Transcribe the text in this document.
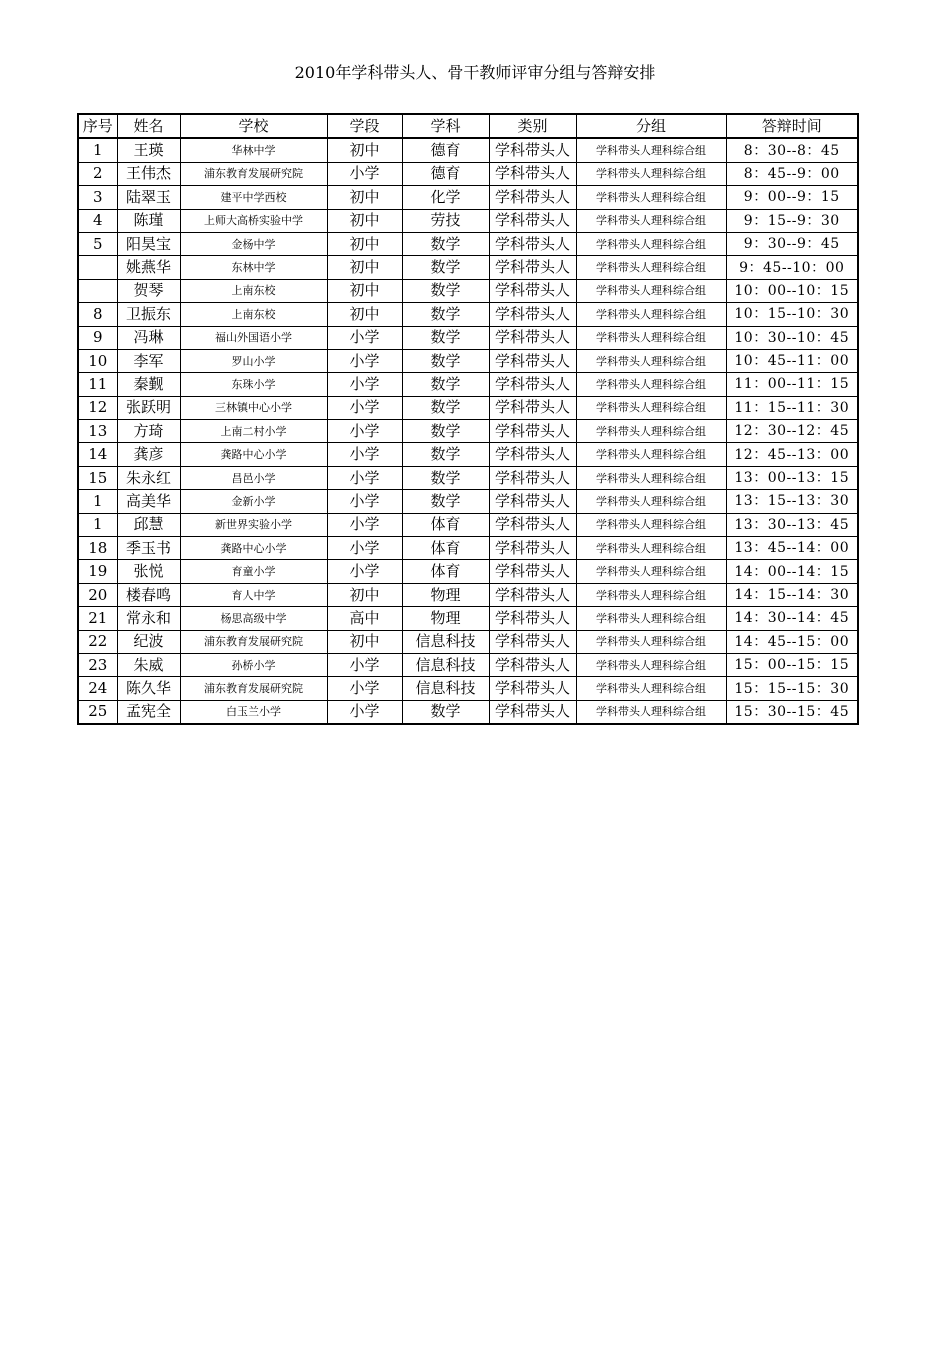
2010年学科带头人、骨干教师评审分组与答辩安排
序号	姓名	学校	学段	学科	类别	分组	答辩时间
1	王瑛	华林中学	初中	德育	学科带头人	学科带头人理科综合组	8：30--8：45
2	王伟杰	浦东教育发展研究院	小学	德育	学科带头人	学科带头人理科综合组	8：45--9：00
3	陆翠玉	建平中学西校	初中	化学	学科带头人	学科带头人理科综合组	9：00--9：15
4	陈瑾	上师大高桥实验中学	初中	劳技	学科带头人	学科带头人理科综合组	9：15--9：30
5	阳昊宝	金杨中学	初中	数学	学科带头人	学科带头人理科综合组	9：30--9：45
	姚燕华	东林中学	初中	数学	学科带头人	学科带头人理科综合组	9：45--10：00
	贺琴	上南东校	初中	数学	学科带头人	学科带头人理科综合组	10：00--10：15
8	卫振东	上南东校	初中	数学	学科带头人	学科带头人理科综合组	10：15--10：30
9	冯琳	福山外国语小学	小学	数学	学科带头人	学科带头人理科综合组	10：30--10：45
10	李军	罗山小学	小学	数学	学科带头人	学科带头人理科综合组	10：45--11：00
11	秦觐	东珠小学	小学	数学	学科带头人	学科带头人理科综合组	11：00--11：15
12	张跃明	三林镇中心小学	小学	数学	学科带头人	学科带头人理科综合组	11：15--11：30
13	方琦	上南二村小学	小学	数学	学科带头人	学科带头人理科综合组	12：30--12：45
14	龚彦	龚路中心小学	小学	数学	学科带头人	学科带头人理科综合组	12：45--13：00
15	朱永红	昌邑小学	小学	数学	学科带头人	学科带头人理科综合组	13：00--13：15
1	高美华	金新小学	小学	数学	学科带头人	学科带头人理科综合组	13：15--13：30
1	邱慧	新世界实验小学	小学	体育	学科带头人	学科带头人理科综合组	13：30--13：45
18	季玉书	龚路中心小学	小学	体育	学科带头人	学科带头人理科综合组	13：45--14：00
19	张悦	育童小学	小学	体育	学科带头人	学科带头人理科综合组	14：00--14：15
20	楼春鸣	育人中学	初中	物理	学科带头人	学科带头人理科综合组	14：15--14：30
21	常永和	杨思高级中学	高中	物理	学科带头人	学科带头人理科综合组	14：30--14：45
22	纪波	浦东教育发展研究院	初中	信息科技	学科带头人	学科带头人理科综合组	14：45--15：00
23	朱威	孙桥小学	小学	信息科技	学科带头人	学科带头人理科综合组	15：00--15：15
24	陈久华	浦东教育发展研究院	小学	信息科技	学科带头人	学科带头人理科综合组	15：15--15：30
25	孟宪全	白玉兰小学	小学	数学	学科带头人	学科带头人理科综合组	15：30--15：45
